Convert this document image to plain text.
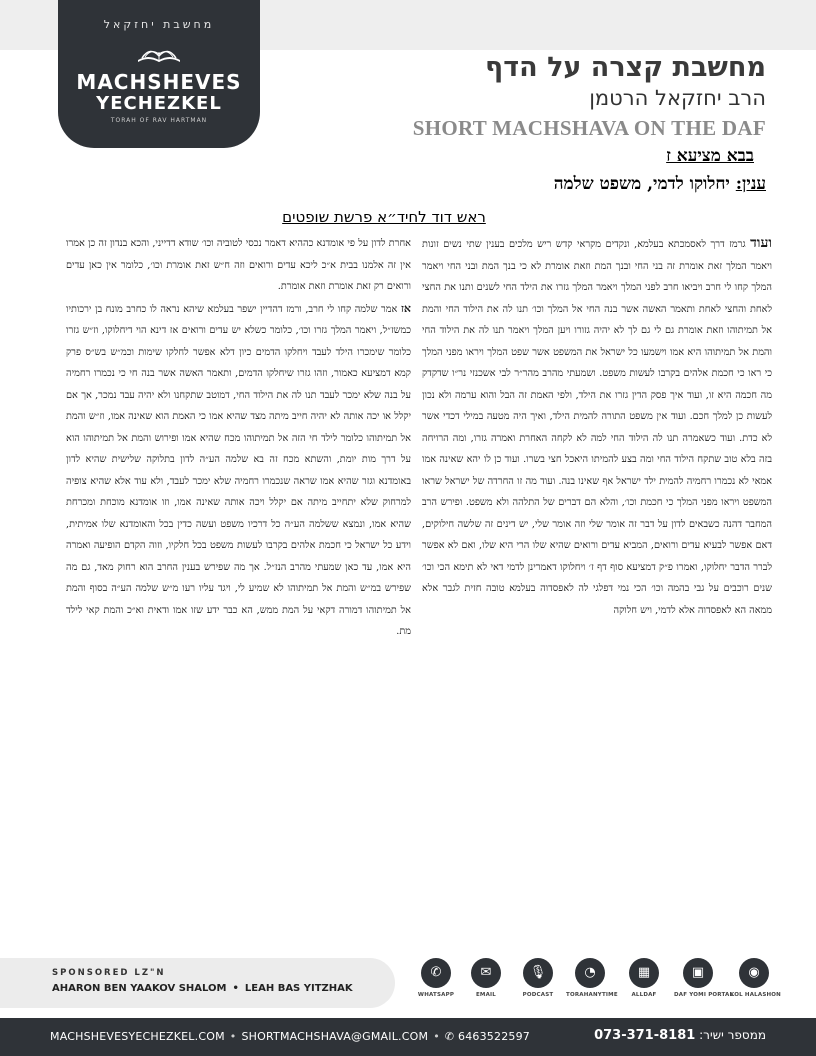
מחשבת יחזקאל
MACHSHEVES
YECHEZKEL
TORAH OF RAV HARTMAN
מחשבת קצרה על הדף
הרב יחזקאל הרטמן
SHORT MACHSHAVA ON THE DAF
בבא מציעא ז
ענין: יחלוקו לדמי, משפט שלמה
ראש דוד לחיד״א פרשת שופטים

ועוד גרמז דרך לאסמכתא בעלמא, ונקדים מקראי קדש ריש מלכים בענין שתי נשים זונות ויאמר המלך זאת אומרת זה בני החי ובנך המת וזאת אומרת לא כי בנך המת ובני החי ויאמר המלך קחו לי חרב ויביאו חרב לפני המלך ויאמר המלך גזרו את הילד החי לשנים ותנו את החצי לאחת והחצי לאחת ותאמר האשה אשר בנה החי אל המלך וכו׳ תנו לה את הילוד החי והמת אל תמיתוהו וזאת אומרת גם לי גם לך לא יהיה גזורו ויען המלך ויאמר תנו לה את הילוד החי והמת אל תמיתוהו היא אמו וישמעו כל ישראל את המשפט אשר שפט המלך ויראו מפני המלך כי ראו כי חכמת אלהים בקרבו לעשות משפט. ושמעתי מהרב מהר״ר לבי אשכנזי נר״ו שדקדק מה חכמה היא זו, ועוד איך פסק הדין גזרו את הילד, ולפי האמת זה הבל והוא ערמה ולא נכון לעשות כן למלך חכם. ועוד אין משפט התורה להמית הילד, ואיך היה מטעה במילי דכדי אשר לא כדת. ועוד כשאמרה תנו לה הילוד החי למה לא לקחה האחרת ואמרה גזרו, ומה הרויחה בזה בלא טוב שתקח הילוד החי ומה בצע להמיתו היאכל חצי בשרו. ועוד כן לו יהא שאינה אמו אמאי לא נכמרו רחמיה להמית ילד ישראל אף שאינו בנה. ועוד מה זו החרדה של ישראל שראו המשפט ויראו מפני המלך כי חכמת וכו׳, והלא הם דברים של התלהה ולא משפט. ופירש הרב המחבר דהנה כשבאים לדון על דבר זה אומר שלי וזה אומר שלי, יש דינים זה שלשה חילוקים, דאם אפשר לבעיא עדים ורואים, המביא עדים ורואים שהיא שלו הרי היא שלו, ואם לא אפשר לברר הדבר יחלוקו, ואמרו פ״ק דמציעא סוף דף ז׳ ויחלוקו דאמרינן לדמי דאי לא תימא הכי וכו׳ שנים רוכבים על גבי בהמה וכו׳ הכי נמי דפלגי לה לאפסדוה בעלמא טובה חזית לגבר אלא ממאה הא לאפסדוה אלא לדמי, ויש חלוקה

אחרת לדון על פי אומדנא כההיא דאמר נכסי לטוביה וכו׳ שודא דדייני, והכא בנדון זה כן אמרו אין זה אלמנו בבית א״כ ליכא עדים ורואים וזה ח״ש זאת אומרת וכו׳, כלומר אין כאן עדים ורואים רק זאת אומרת וזאת אומרת.

אז אמר שלמה קחו לי חרב, ורמז דהדיין ישפר בעלמא שיהא נראה לו כחרב מונח בן ירכותיו כמשז״ל, ויאמר המלך גזרו וכו׳, כלומר כשלא יש עדים ורואים אז דינא הוי דיחלוקו, וז״ש גזרו כלומר שימכרו הילד לעבד ויחלקו הדמים כיון דלא אפשר לחלקו שימות וכמ״ש בש״ס פרק קמא דמציעא כאמור, וזהו גזרו שיחלקו הדמים, ותאמר האשה אשר בנה חי כי נכמרו רחמיה על בנה שלא ימכר לעבד תנו לה את הילוד החי, דמוטב שתקחנו ולא יהיה עבד נמכר, אך אם יקלל או יכה אותה לא יהיה חייב מיתה מצד שהיא אמו כי האמת הוא שאינה אמו, וז״ש והמת אל תמיתוהו כלומר לילד חי הזה אל תמיתוהו מכח שהיא אמו ופירוש והמת אל תמיתוהו הוא על דרך מות יומת, והשתא מכח זה בא שלמה הע״ה לדון בתלוקה שלישית שהיא לדון באומדנא וגזר שהיא אמו שראה שנכמרו רחמיה שלא ימכר לעבד, ולא עוד אלא שהיא צופיה למרחוק שלא יתחייב מיתה אם יקלל ויכה אותה שאינה אמו, וזו אומדנא מוכחת ומכרחת שהיא אמו, ונמצא ששלמה הע״ה כל דרכיו משפט ועשה כדין בכל והאומדנא שלו אמיתית, וידע כל ישראל כי חכמת אלהים בקרבו לעשות משפט בכל חלקיו, וזוה הקדם הופיעה ואמרה היא אמו, עד כאן שמעתי מהרב הנז״ל. אך מה שפירש בענין החרב הוא רחוק מאד, גם מה שפירש במ״ש והמת אל תמיתוהו לא שמיע לי, ויגד עליו רעו מ״ש שלמה הע״ה בסוף והמת אל תמיתוהו דמורה דקאי על המת ממש, הא כבר ידע שזו אמו ודאית וא״כ והמת קאי לילד מת.

SPONSORED LZ"N
AHARON BEN YAAKOV SHALOM • LEAH BAS YITZHAK
✆
WHATSAPP
✉
EMAIL
🎙
PODCAST
◔
TORAHANYTIME
▦
ALLDAF
▣
DAF YOMI PORTAL
◉
KOL HALASHON
MACHSHEVESYECHEZKEL.COM • SHORTMACHSHAVA@GMAIL.COM • ✆ 6463522597	ממספר ישיר: 073-371-8181
